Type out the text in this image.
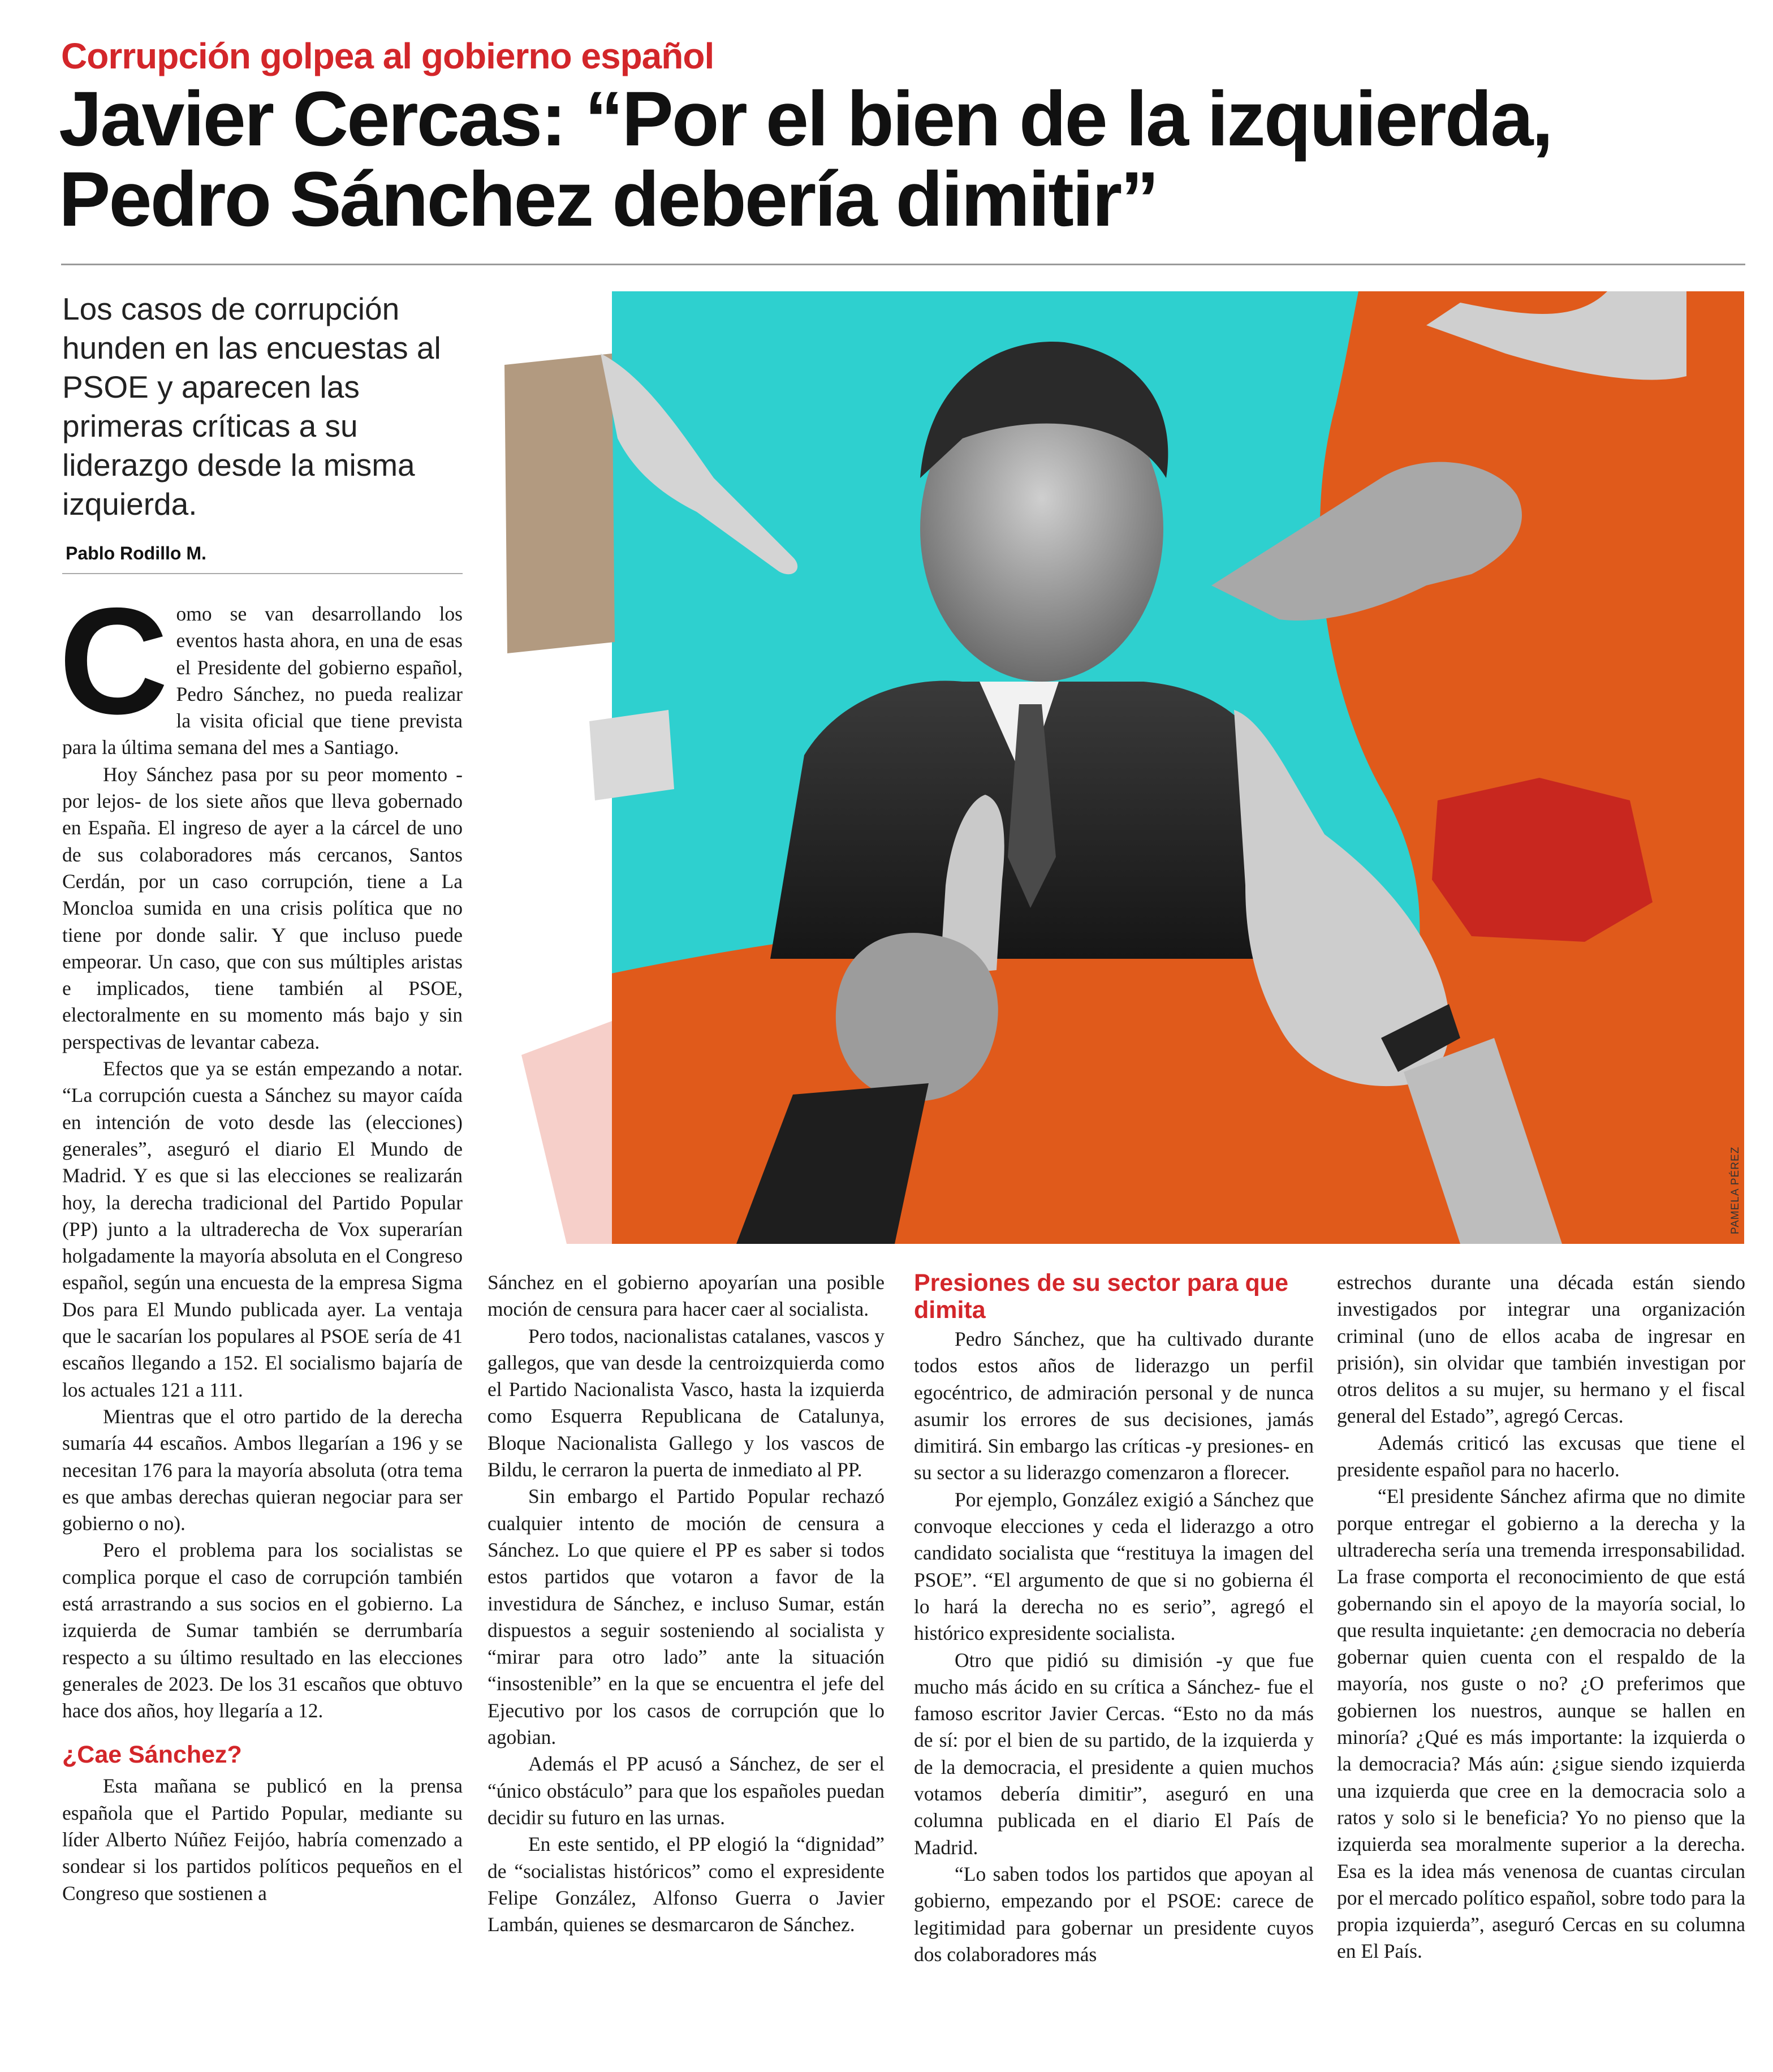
Corrupción golpea al gobierno español
Javier Cercas: “Por el bien de la izquierda,
Pedro Sánchez debería dimitir”
Los casos de corrupción hunden en las encuestas al PSOE y aparecen las primeras críticas a su liderazgo desde la misma izquierda.
Pablo Rodillo M.
PAMELA PÉREZ

Como se van desarrollando los eventos hasta ahora, en una de esas el Presidente del gobierno español, Pedro Sánchez, no pueda realizar la visita oficial que tiene prevista para la última semana del mes a Santiago.

Hoy Sánchez pasa por su peor momento -por lejos- de los siete años que lleva gobernado en España. El ingreso de ayer a la cárcel de uno de sus colaboradores más cercanos, Santos Cerdán, por un caso corrupción, tiene a La Moncloa sumida en una crisis política que no tiene por donde salir. Y que incluso puede empeorar. Un caso, que con sus múltiples aristas e implicados, tiene también al PSOE, electoralmente en su momento más bajo y sin perspectivas de levantar cabeza.

Efectos que ya se están empezando a notar. “La corrupción cuesta a Sánchez su mayor caída en intención de voto desde las (elecciones) generales”, aseguró el diario El Mundo de Madrid. Y es que si las elecciones se realizarán hoy, la derecha tradicional del Partido Popular (PP) junto a la ultraderecha de Vox superarían holgadamente la mayoría absoluta en el Congreso español, según una encuesta de la empresa Sigma Dos para El Mundo publicada ayer. La ventaja que le sacarían los populares al PSOE sería de 41 escaños llegando a 152. El socialismo bajaría de los actuales 121 a 111.

Mientras que el otro partido de la derecha sumaría 44 escaños. Ambos llegarían a 196 y se necesitan 176 para la mayoría absoluta (otra tema es que ambas derechas quieran negociar para ser gobierno o no).

Pero el problema para los socialistas se complica porque el caso de corrupción también está arrastrando a sus socios en el gobierno. La izquierda de Sumar también se derrumbaría respecto a su último resultado en las elecciones generales de 2023. De los 31 escaños que obtuvo hace dos años, hoy llegaría a 12.

¿Cae Sánchez?

Esta mañana se publicó en la prensa española que el Partido Popular, mediante su líder Alberto Núñez Feijóo, habría comenzado a sondear si los partidos políticos pequeños en el Congreso que sostienen a

Sánchez en el gobierno apoyarían una posible moción de censura para hacer caer al socialista.

Pero todos, nacionalistas catalanes, vascos y gallegos, que van desde la centroizquierda como el Partido Nacionalista Vasco, hasta la izquierda como Esquerra Republicana de Catalunya, Bloque Nacionalista Gallego y los vascos de Bildu, le cerraron la puerta de inmediato al PP.

Sin embargo el Partido Popular rechazó cualquier intento de moción de censura a Sánchez. Lo que quiere el PP es saber si todos estos partidos que votaron a favor de la investidura de Sánchez, e incluso Sumar, están dispuestos a seguir sosteniendo al socialista y “mirar para otro lado” ante la situación “insostenible” en la que se encuentra el jefe del Ejecutivo por los casos de corrupción que lo agobian.

Además el PP acusó a Sánchez, de ser el “único obstáculo” para que los españoles puedan decidir su futuro en las urnas.

En este sentido, el PP elogió la “dignidad” de “socialistas históricos” como el expresidente Felipe González, Alfonso Guerra o Javier Lambán, quienes se desmarcaron de Sánchez.

Presiones de su sector para que dimita

Pedro Sánchez, que ha cultivado durante todos estos años de liderazgo un perfil egocéntrico, de admiración personal y de nunca asumir los errores de sus decisiones, jamás dimitirá. Sin embargo las críticas -y presiones- en su sector a su liderazgo comenzaron a florecer.

Por ejemplo, González exigió a Sánchez que convoque elecciones y ceda el liderazgo a otro candidato socialista que “restituya la imagen del PSOE”. “El argumento de que si no gobierna él lo hará la derecha no es serio”, agregó el histórico expresidente socialista.

Otro que pidió su dimisión -y que fue mucho más ácido en su crítica a Sánchez- fue el famoso escritor Javier Cercas. “Esto no da más de sí: por el bien de su partido, de la izquierda y de la democracia, el presidente a quien muchos votamos debería dimitir”, aseguró en una columna publicada en el diario El País de Madrid.

“Lo saben todos los partidos que apoyan al gobierno, empezando por el PSOE: carece de legitimidad para gobernar un presidente cuyos dos colaboradores más

estrechos durante una década están siendo investigados por integrar una organización criminal (uno de ellos acaba de ingresar en prisión), sin olvidar que también investigan por otros delitos a su mujer, su hermano y el fiscal general del Estado”, agregó Cercas.

Además criticó las excusas que tiene el presidente español para no hacerlo.

“El presidente Sánchez afirma que no dimite porque entregar el gobierno a la derecha y la ultraderecha sería una tremenda irresponsabilidad. La frase comporta el reconocimiento de que está gobernando sin el apoyo de la mayoría social, lo que resulta inquietante: ¿en democracia no debería gobernar quien cuenta con el respaldo de la mayoría, nos guste o no? ¿O preferimos que gobiernen los nuestros, aunque se hallen en minoría? ¿Qué es más importante: la izquierda o la democracia? Más aún: ¿sigue siendo izquierda una izquierda que cree en la democracia solo a ratos y solo si le beneficia? Yo no pienso que la izquierda sea moralmente superior a la derecha. Esa es la idea más venenosa de cuantas circulan por el mercado político español, sobre todo para la propia izquierda”, aseguró Cercas en su columna en El País.
